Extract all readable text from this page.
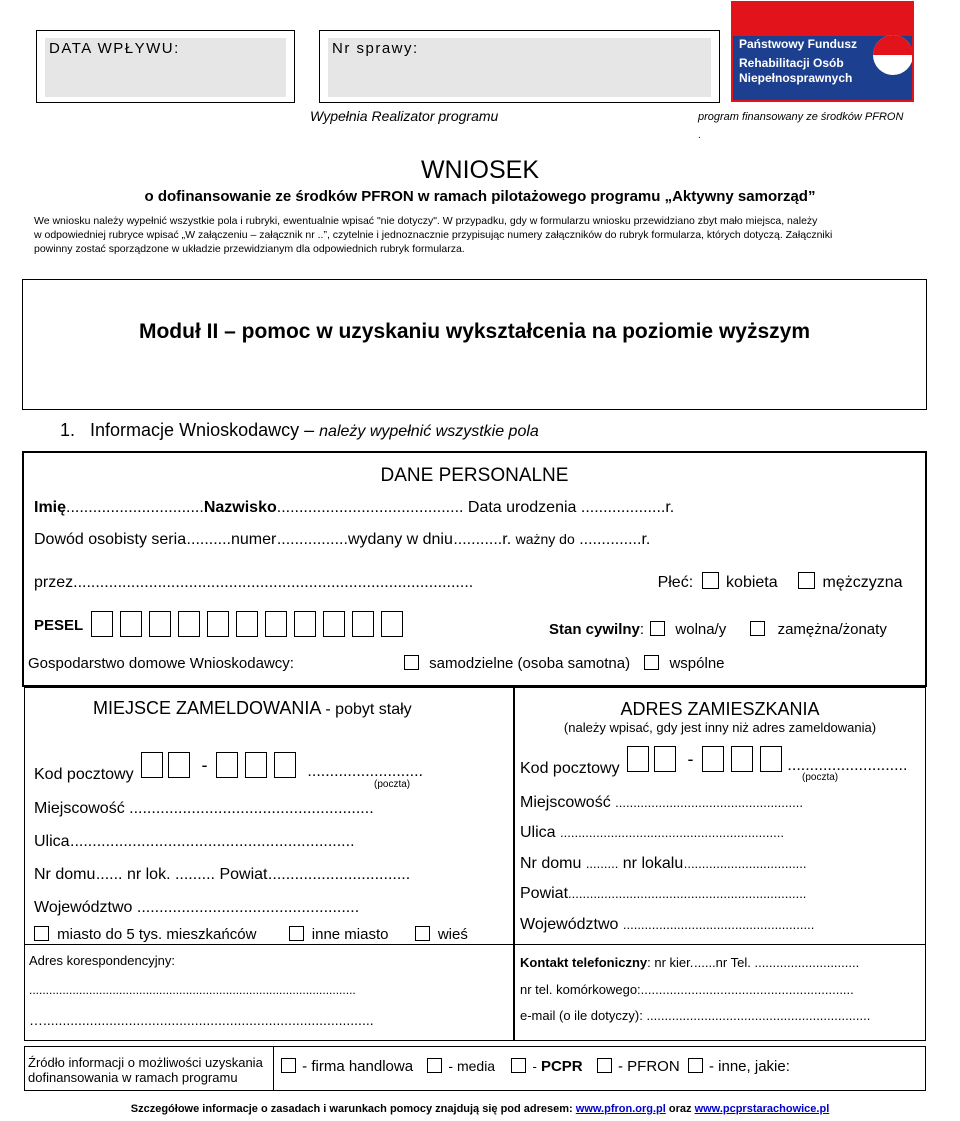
DATA WPŁYWU:	Nr sprawy:
Wypełnia Realizator programu	program finansowany ze środków PFRON
.
Państwowy Fundusz
Rehabilitacji Osób
Niepełnosprawnych
WNIOSEK
o dofinansowanie ze środków PFRON w ramach pilotażowego programu „Aktywny samorząd”
We wniosku należy wypełnić wszystkie pola i rubryki, ewentualnie wpisać "nie dotyczy". W przypadku, gdy w formularzu wniosku przewidziano zbyt mało miejsca, należy
w odpowiedniej rubryce wpisać „W załączeniu – załącznik nr ..”, czytelnie i jednoznacznie przypisując numery załączników do rubryk formularza, których dotyczą. Załączniki
powinny zostać sporządzone w układzie przewidzianym dla odpowiednich rubryk formularza.
Moduł II – pomoc w uzyskaniu wykształcenia na poziomie wyższym
1. Informacje Wnioskodawcy – należy wypełnić wszystkie pola
DANE PERSONALNE
Imię...............................Nazwisko.......................................... Data urodzenia ...................r.
Dowód osobisty seria ..........numer ................wydany w dniu ...........r. ważny do ..............r.
przez..........................................................................................	Płeć:  kobieta	mężczyzna
PESEL	Stan cywilny:  wolna/y	zamężna/żonaty
Gospodarstwo domowe Wnioskodawcy:	samodzielne (osoba samotna)	wspólne
MIEJSCE ZAMELDOWANIA - pobyt stały
Kod pocztowy	-	..........................
(poczta)
Miejscowość .......................................................
Ulica ................................................................
Nr domu ...... nr lok. ......... Powiat ................................
Województwo ..................................................
miasto do 5 tys. mieszkańców	inne miasto	wieś
ADRES ZAMIESZKANIA
(należy wpisać, gdy jest inny niż adres zameldowania)
Kod pocztowy	-	...........................
(poczta)
Miejscowość ....................................................
Ulica ..............................................................
Nr domu ......... nr lokalu ..................................
Powiat..................................................................
Województwo .....................................................
Adres korespondencyjny:
..................................................................................................
….....................................................................................
Kontakt telefoniczny: nr kier. ......nr Tel. .............................
nr tel. komórkowego:...........................................................
e-mail (o ile dotyczy): ..............................................................
Źródło informacji o możliwości uzyskania
dofinansowania w ramach programu
- firma handlowa	- media	- PCPR - PFRON - inne, jakie:
Szczegółowe informacje o zasadach i warunkach pomocy znajdują się pod adresem: www.pfron.org.pl oraz www.pcprstarachowice.pl
